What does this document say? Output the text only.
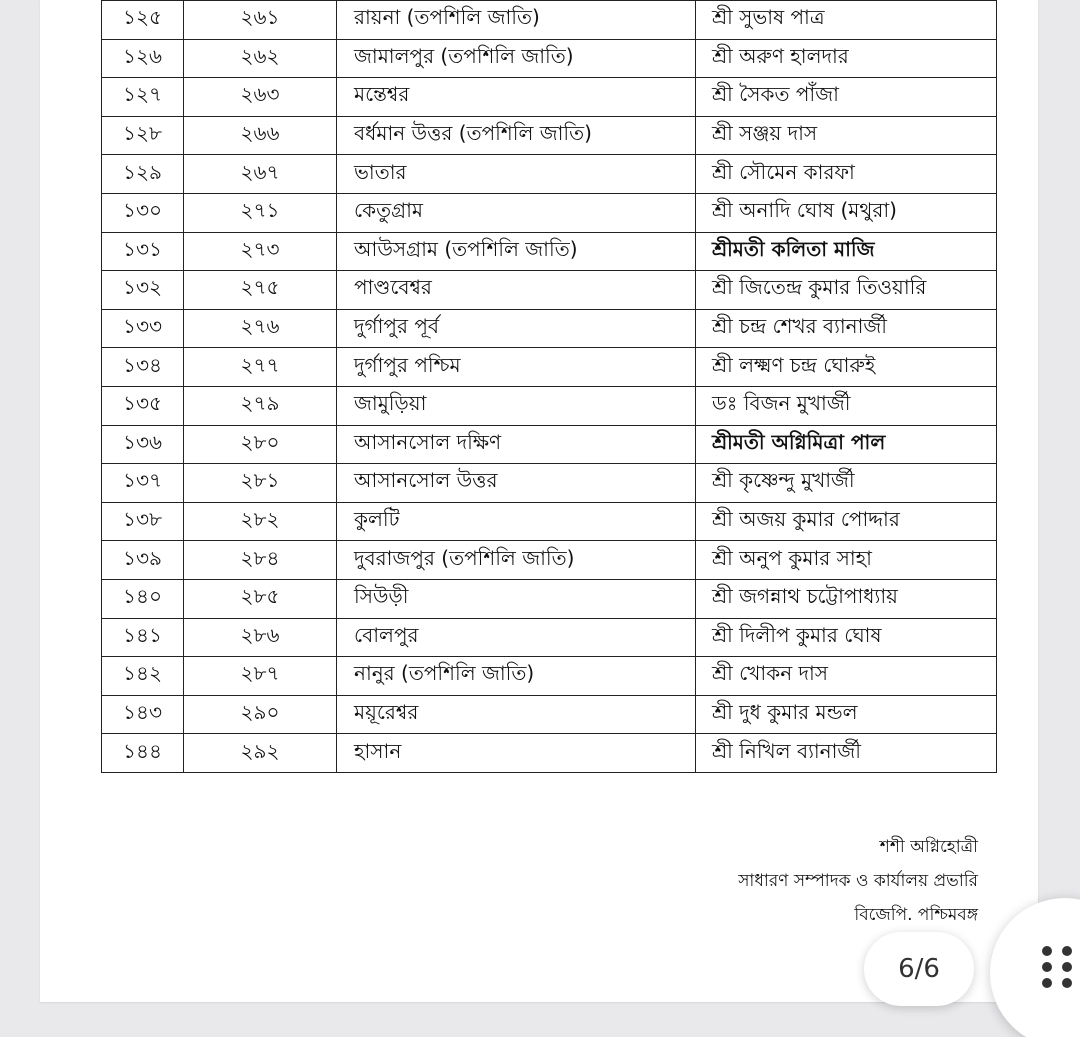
১২৫	২৬১	রায়না (তপশিলি জাতি)	শ্রী সুভাষ পাত্র
১২৬	২৬২	জামালপুর (তপশিলি জাতি)	শ্রী অরুণ হালদার
১২৭	২৬৩	মন্তেশ্বর	শ্রী সৈকত পাঁজা
১২৮	২৬৬	বর্ধমান উত্তর (তপশিলি জাতি)	শ্রী সঞ্জয় দাস
১২৯	২৬৭	ভাতার	শ্রী সৌমেন কারফা
১৩০	২৭১	কেতুগ্রাম	শ্রী অনাদি ঘোষ (মথুরা)
১৩১	২৭৩	আউসগ্রাম (তপশিলি জাতি)	শ্রীমতী কলিতা মাজি
১৩২	২৭৫	পাণ্ডবেশ্বর	শ্রী জিতেন্দ্র কুমার তিওয়ারি
১৩৩	২৭৬	দুর্গাপুর পূর্ব	শ্রী চন্দ্র শেখর ব্যানার্জী
১৩৪	২৭৭	দুর্গাপুর পশ্চিম	শ্রী লক্ষ্মণ চন্দ্র ঘোরুই
১৩৫	২৭৯	জামুড়িয়া	ডঃ বিজন মুখার্জী
১৩৬	২৮০	আসানসোল দক্ষিণ	শ্রীমতী অগ্নিমিত্রা পাল
১৩৭	২৮১	আসানসোল উত্তর	শ্রী কৃষ্ণেন্দু মুখার্জী
১৩৮	২৮২	কুলটি	শ্রী অজয় কুমার পোদ্দার
১৩৯	২৮৪	দুবরাজপুর (তপশিলি জাতি)	শ্রী অনুপ কুমার সাহা
১৪০	২৮৫	সিউড়ী	শ্রী জগন্নাথ চট্টোপাধ্যায়
১৪১	২৮৬	বোলপুর	শ্রী দিলীপ কুমার ঘোষ
১৪২	২৮৭	নানুর (তপশিলি জাতি)	শ্রী খোকন দাস
১৪৩	২৯০	ময়ূরেশ্বর	শ্রী দুধ কুমার মন্ডল
১৪৪	২৯২	হাসান	শ্রী নিখিল ব্যানার্জী
শশী অগ্নিহোত্রী
সাধারণ সম্পাদক ও কার্যালয় প্রভারি
বিজেপি. পশ্চিমবঙ্গ
6/6
